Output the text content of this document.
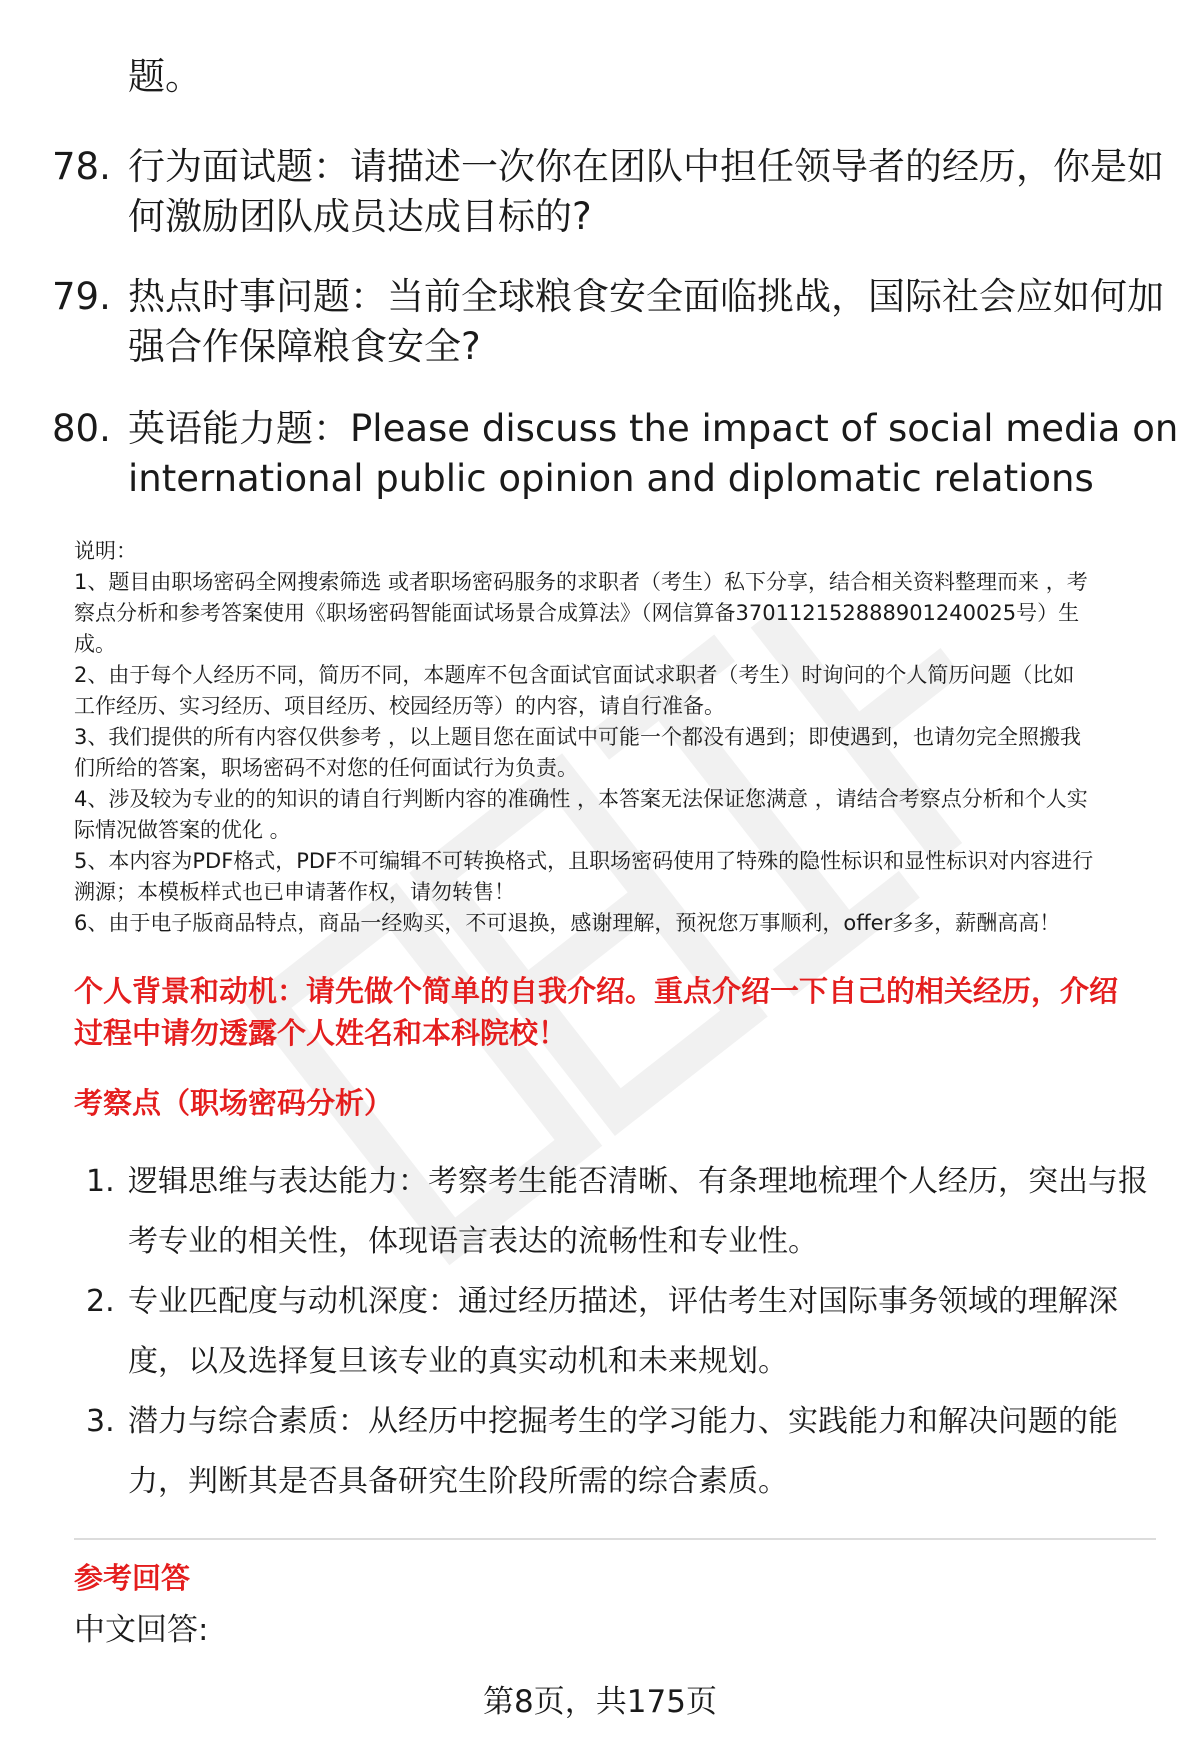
题。
78. 行为面试题：请描述一次你在团队中担任领导者的经历，你是如
何激励团队成员达成目标的?
79. 热点时事问题：当前全球粮食安全面临挑战，国际社会应如何加
强合作保障粮食安全?
80. 英语能力题：Please discuss the impact of social media on
international public opinion and diplomatic relations
说明：
1、题目由职场密码全网搜索筛选 或者职场密码服务的求职者（考生）私下分享，结合相关资料整理而来 ，考
察点分析和参考答案使用《职场密码智能面试场景合成算法》（网信算备370112152888901240025号）生
成。
2、由于每个人经历不同，简历不同，本题库不包含面试官面试求职者（考生）时询问的个人简历问题（比如
工作经历、实习经历、项目经历、校园经历等）的内容，请自行准备。
3、我们提供的所有内容仅供参考 ，以上题目您在面试中可能一个都没有遇到；即使遇到，也请勿完全照搬我
们所给的答案，职场密码不对您的任何面试行为负责。
4、涉及较为专业的的知识的请自行判断内容的准确性 ，本答案无法保证您满意 ，请结合考察点分析和个人实
际情况做答案的优化 。
5、本内容为PDF格式，PDF不可编辑不可转换格式，且职场密码使用了特殊的隐性标识和显性标识对内容进行
溯源；本模板样式也已申请著作权，请勿转售！
6、由于电子版商品特点，商品一经购买，不可退换，感谢理解，预祝您万事顺利，offer多多，薪酬高高！
个人背景和动机：请先做个简单的自我介绍。重点介绍一下自己的相关经历，介绍
过程中请勿透露个人姓名和本科院校！
考察点（职场密码分析）
1. 逻辑思维与表达能力：考察考生能否清晰、有条理地梳理个人经历，突出与报
考专业的相关性，体现语言表达的流畅性和专业性。
2. 专业匹配度与动机深度：通过经历描述，评估考生对国际事务领域的理解深
度，以及选择复旦该专业的真实动机和未来规划。
3. 潜力与综合素质：从经历中挖掘考生的学习能力、实践能力和解决问题的能
力，判断其是否具备研究生阶段所需的综合素质。
参考回答
中文回答:
第8页，共175页
